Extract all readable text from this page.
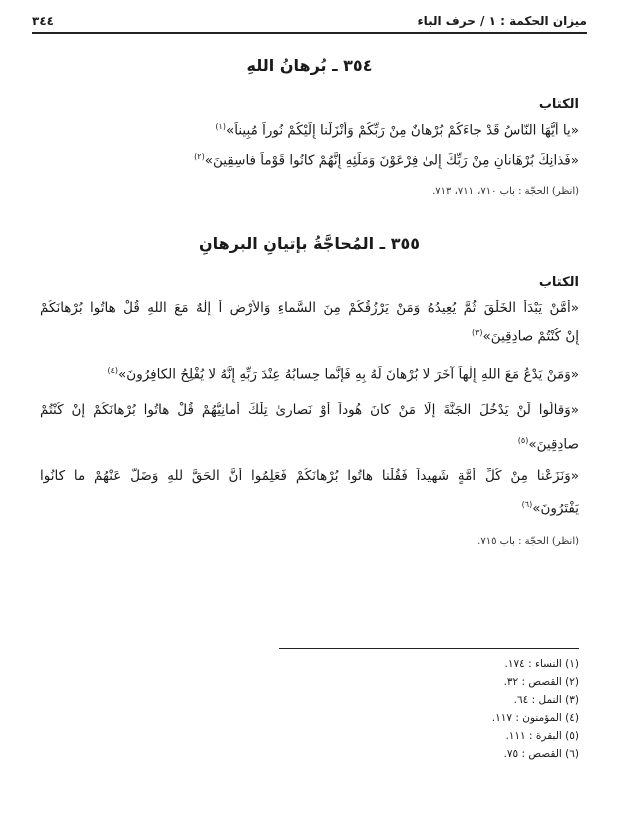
ميزان الحكمة : ١ / حرف الباء
٣٤٤
٣٥٤ ـ بُرهانُ اللهِ
الكتاب
«يا أَيُّهَا النّاسُ قَدْ جاءَكُمْ بُرْهانٌ مِنْ رَبِّكُمْ وَأَنْزَلْنا إِلَيْكُمْ نُوراً مُبِيناً»$^{(١)}$
«فَذانِكَ بُرْهَانانِ مِنْ رَبِّكَ إِلىٰ فِرْعَوْنَ وَمَلَئِهِ إِنَّهُمْ كانُوا قَوْماً فاسِقِينَ»$^{(٢)}$
(انظر) الحجّة : باب ٧١٠، ٧١١، ٧١٣.
٣٥٥ ـ المُحاجَّةُ بإتيانِ البرهانِ
الكتاب
«أَمَّنْ يَبْدَأُ الخَلْقَ ثُمَّ يُعِيدُهُ وَمَنْ يَرْزُقُكُمْ مِنَ السَّماءِ وَالأَرْضِ أَ إِلٰهٌ مَعَ اللهِ قُلْ هاتُوا بُرْهانَكُمْ
إِنْ كُنْتُمْ صادِقِينَ»$^{(٣)}$
«وَمَنْ يَدْعُ مَعَ اللهِ إِلٰهاً آخَرَ لا بُرْهانَ لَهُ بِهِ فَإِنَّما حِسابُهُ عِنْدَ رَبِّهِ إِنَّهُ لا يُفْلِحُ الكافِرُونَ»$^{(٤)}$
«وَقالُوا لَنْ يَدْخُلَ الجَنَّةَ إِلّا مَنْ كانَ هُوداً أَوْ نَصارىٰ تِلْكَ أَمانِيُّهُمْ قُلْ هاتُوا بُرْهانَكُمْ إِنْ كُنْتُمْ
صادِقِينَ»$^{(٥)}$
«وَنَزَعْنا مِنْ كُلِّ أُمَّةٍ شَهِيداً فَقُلْنا هاتُوا بُرْهانَكُمْ فَعَلِمُوا أَنَّ الحَقَّ للهِ وَضَلَّ عَنْهُمْ ما كانُوا
يَفْتَرُونَ»$^{(٦)}$
(انظر) الحجّة : باب ٧١٥.
(١) النساء : ١٧٤.
(٢) القصص : ٣٢.
(٣) النمل : ٦٤.
(٤) المؤمنون : ١١٧.
(٥) البقرة : ١١١.
(٦) القصص : ٧٥.
